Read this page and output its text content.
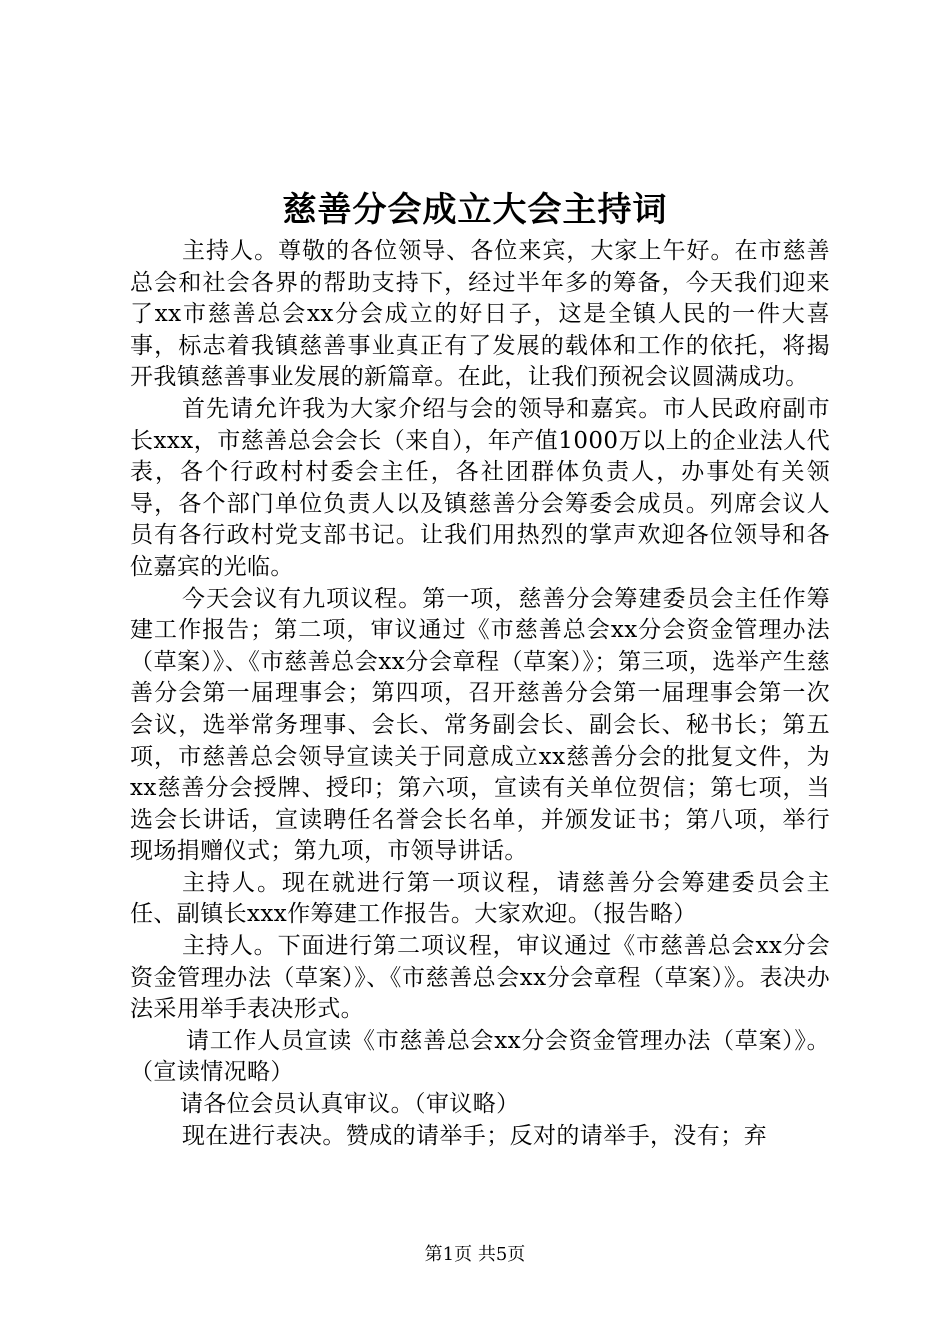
慈善分会成立大会主持词

主持人。尊敬的各位领导、各位来宾，大家上午好。在市慈善总会和社会各界的帮助支持下，经过半年多的筹备，今天我们迎来了xx市慈善总会xx分会成立的好日子，这是全镇人民的一件大喜事，标志着我镇慈善事业真正有了发展的载体和工作的依托，将揭开我镇慈善事业发展的新篇章。在此，让我们预祝会议圆满成功。

首先请允许我为大家介绍与会的领导和嘉宾。市人民政府副市长xxx，市慈善总会会长（来自），年产值1000万以上的企业法人代表，各个行政村村委会主任，各社团群体负责人，办事处有关领导，各个部门单位负责人以及镇慈善分会筹委会成员。列席会议人员有各行政村党支部书记。让我们用热烈的掌声欢迎各位领导和各位嘉宾的光临。

今天会议有九项议程。第一项，慈善分会筹建委员会主任作筹建工作报告；第二项，审议通过《市慈善总会xx分会资金管理办法（草案）》、《市慈善总会xx分会章程（草案）》；第三项，选举产生慈善分会第一届理事会；第四项，召开慈善分会第一届理事会第一次会议，选举常务理事、会长、常务副会长、副会长、秘书长；第五项，市慈善总会领导宣读关于同意成立xx慈善分会的批复文件，为xx慈善分会授牌、授印；第六项，宣读有关单位贺信；第七项，当选会长讲话，宣读聘任名誉会长名单，并颁发证书；第八项，举行现场捐赠仪式；第九项，市领导讲话。

主持人。现在就进行第一项议程，请慈善分会筹建委员会主任、副镇长xxx作筹建工作报告。大家欢迎。（报告略）

主持人。下面进行第二项议程，审议通过《市慈善总会xx分会资金管理办法（草案）》、《市慈善总会xx分会章程（草案）》。表决办法采用举手表决形式。

请工作人员宣读《市慈善总会xx分会资金管理办法（草案）》。（宣读情况略）

请各位会员认真审议。（审议略）

现在进行表决。赞成的请举手；反对的请举手，没有；弃

第1页 共5页
